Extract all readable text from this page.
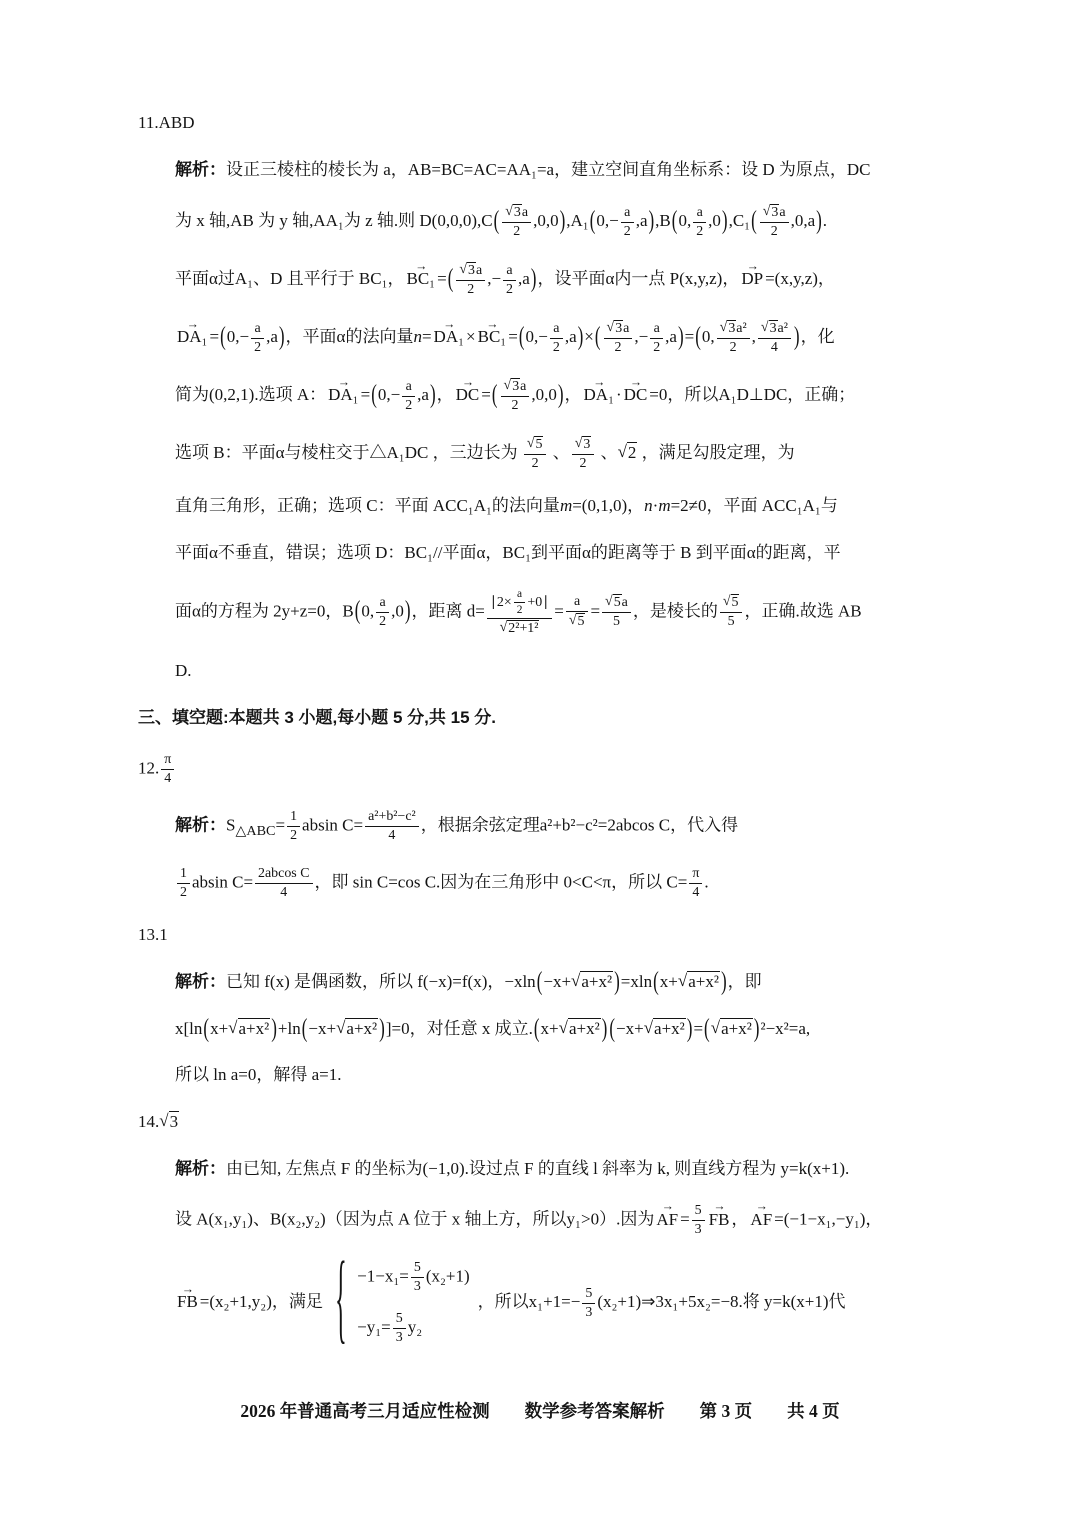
11.ABD
解析：设正三棱柱的棱长为 a，AB=BC=AC=AA₁=a，建立空间直角坐标系：设 D 为原点，DC
为 x 轴,AB 为 y 轴,AA₁为 z 轴.则 $D(0,0,0),C( \frac{√3a}{2} ,0,0),A_1(0,- \frac{a}{2} ,a),B(0$, $\frac{a}{2} ,0),C_1( \frac{√3a}{2} ,0,a)$.
平面α过A₁、D 且平行于 BC₁， BC₁ → =( $\frac{√3a}{2}$ ,− $\frac{a}{2} ,a$)，设平面α内一点 P(x,y,z)， DP → =(x,y,z)，
$DA_1 \to =(0,- \frac{a}{2} ,a)$，平面α的法向量n= DA₁ → × $BC_1 \to =(0,- \frac{a}{2} ,a)\times( \frac{√3a}{2}$ ,− $\frac{a}{2} ,a)=(0$, $\frac{\text{√3a²}}{2}$ , $\frac{\text{√3a²}}{4}$ )，化
简为(0,2,1).选项 A： $DA_1 \to =(0,- \frac{a}{2} ,a)$， DC → =( $\frac{√3a}{2} ,0,0$)， DA₁ → · DC → =0，所以A₁D⊥DC，正确；
选项 B：平面α与棱柱交于△A₁DC ，三边长为 $\frac{√5}{2}$ 、 $\frac{√3}{2}$ 、√2 ，满足勾股定理，为
直角三角形，正确；选项 C：平面 ACC₁A₁的法向量m=(0,1,0)，n·m=2≠0，平面 ACC₁A₁与
平面α不垂直，错误；选项 D：BC₁//平面α，BC₁到平面α的距离等于 B 到平面α的距离，平
面α的方程为 2y+z=0，B(0, $\frac{a}{2} ,0$)，距离 $d= \frac{∣2\times \frac{a}{2} +0∣}{\text{√2²+1²}} = \frac{a}{√5} = \frac{√5a}{5}$ ，是棱长的 $\frac{√5}{5}$ ，正确.故选 AB
D.
三、填空题:本题共 3 小题,每小题 5 分,共 15 分.
12. $\frac{\pi}{4}$
解析：$S_{\triangle ABC}= \frac{1}{2}$ absin $C= \frac{\text{a²+b²−c²}}{4}$ ，根据余弦定理a²+b²−c²=2abcos C，代入得
$\frac{1}{2}$ absin $C= \frac{\text{2abcos C}}{4}$ ，即 sin C=cos C.因为在三角形中 0<C<π，所以 $C= \frac{\pi}{4}$ .
13.1
解析：已知 f(x) 是偶函数，所以 f(−x)=f(x)，−xln(−x+√a+x² )=xln(x+√a+x² )，即
x[ln(x+√a+x² )+ln(−x+√a+x² )]=0，对任意 x 成立.(x+√a+x² ) (−x+√a+x² )=(√a+x² )²−x²=a,
所以 ln a=0，解得 a=1.
14.√3
解析：由已知, 左焦点 F 的坐标为(−1,0).设过点 F 的直线 l 斜率为 k, 则直线方程为 y=k(x+1).
设 A(x₁,y₁)、B(x₂,y₂)（因为点 A 位于 x 轴上方，所以y₁>0）.因为 AF → = $\frac{5}{3}$ FB → ， AF → =(−1−x₁,−y₁)，
FB → =(x₂+1,y₂)，满足
{ $-1-x_1= \frac{5}{3} (x_2+1)$
$-y_1= \frac{5}{3} y_2$
，所以$x_1+1=- \frac{5}{3}$ (x₂+1)⇒3x₁+5x₂=−8.将 y=k(x+1)代
2026 年普通高考三月适应性检测　　数学参考答案解析　　第 3 页　　共 4 页
